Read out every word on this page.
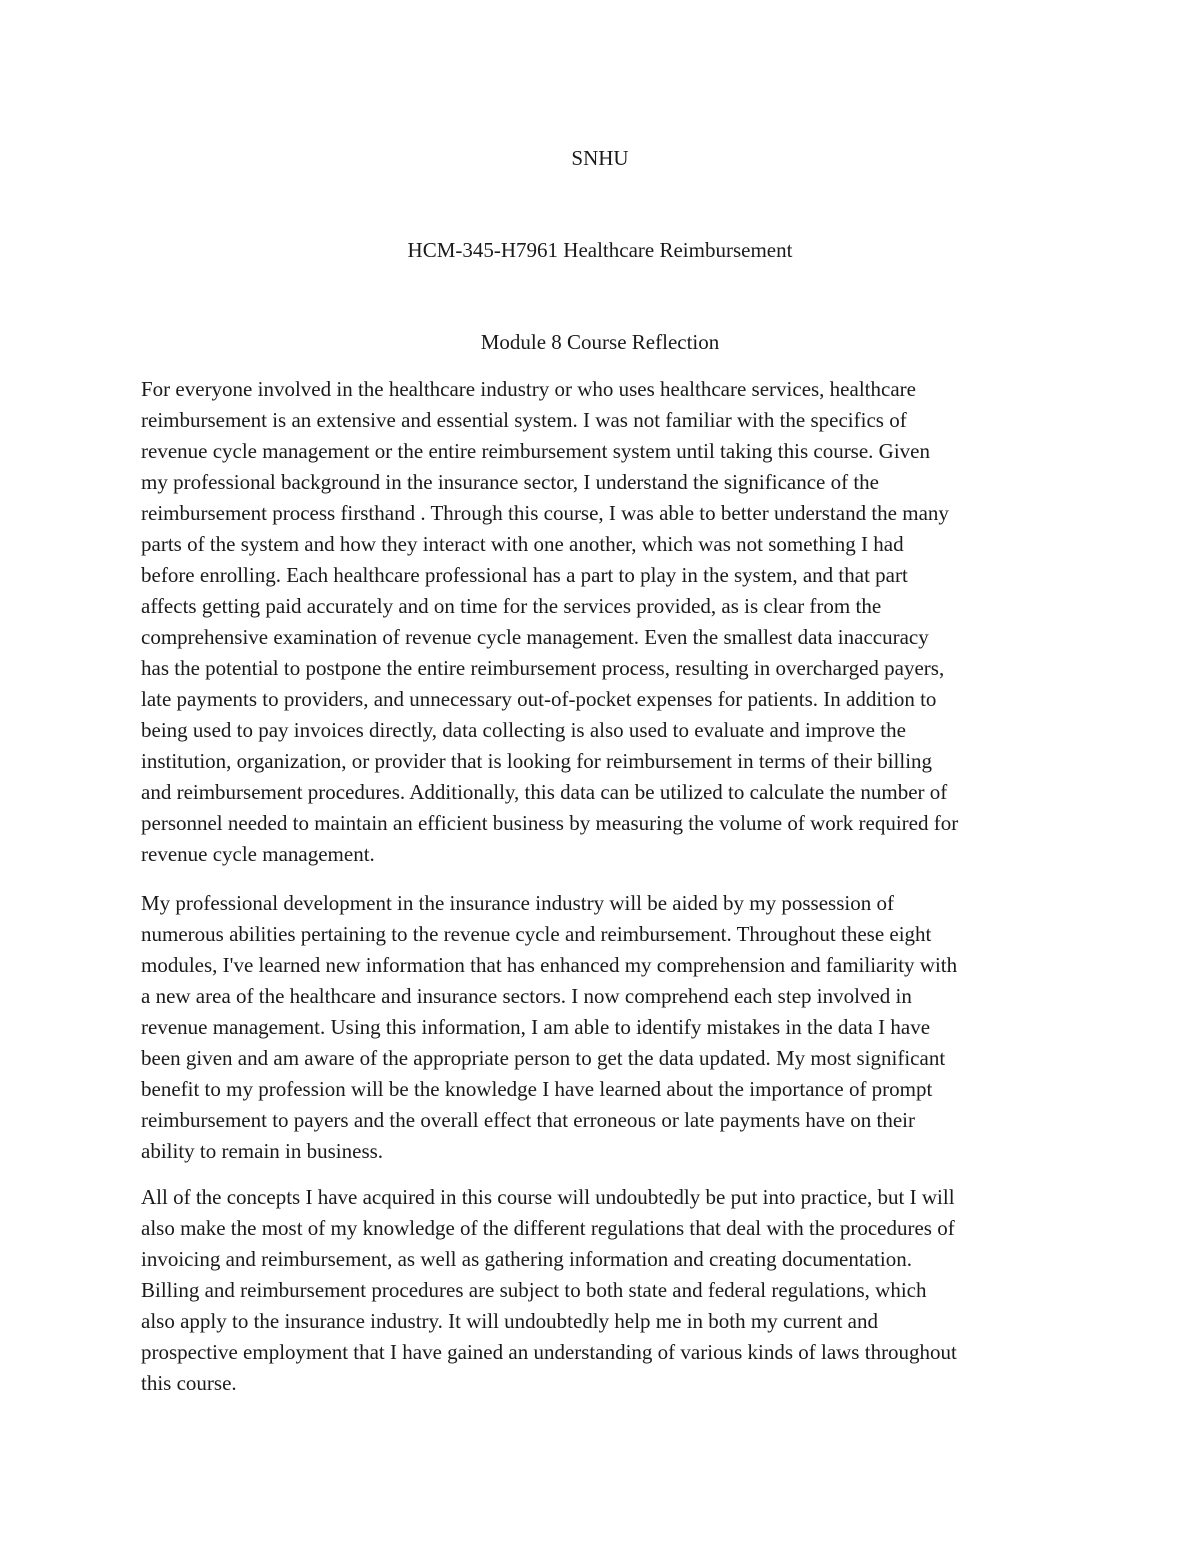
SNHU
HCM-345-H7961 Healthcare Reimbursement
Module 8 Course Reflection

For everyone involved in the healthcare industry or who uses healthcare services, healthcare
reimbursement is an extensive and essential system. I was not familiar with the specifics of
revenue cycle management or the entire reimbursement system until taking this course. Given
my professional background in the insurance sector, I understand the significance of the
reimbursement process firsthand . Through this course, I was able to better understand the many
parts of the system and how they interact with one another, which was not something I had
before enrolling. Each healthcare professional has a part to play in the system, and that part
affects getting paid accurately and on time for the services provided, as is clear from the
comprehensive examination of revenue cycle management. Even the smallest data inaccuracy
has the potential to postpone the entire reimbursement process, resulting in overcharged payers,
late payments to providers, and unnecessary out-of-pocket expenses for patients. In addition to
being used to pay invoices directly, data collecting is also used to evaluate and improve the
institution, organization, or provider that is looking for reimbursement in terms of their billing
and reimbursement procedures. Additionally, this data can be utilized to calculate the number of
personnel needed to maintain an efficient business by measuring the volume of work required for
revenue cycle management.

My professional development in the insurance industry will be aided by my possession of
numerous abilities pertaining to the revenue cycle and reimbursement. Throughout these eight
modules, I've learned new information that has enhanced my comprehension and familiarity with
a new area of the healthcare and insurance sectors. I now comprehend each step involved in
revenue management. Using this information, I am able to identify mistakes in the data I have
been given and am aware of the appropriate person to get the data updated. My most significant
benefit to my profession will be the knowledge I have learned about the importance of prompt
reimbursement to payers and the overall effect that erroneous or late payments have on their
ability to remain in business.

All of the concepts I have acquired in this course will undoubtedly be put into practice, but I will
also make the most of my knowledge of the different regulations that deal with the procedures of
invoicing and reimbursement, as well as gathering information and creating documentation.
Billing and reimbursement procedures are subject to both state and federal regulations, which
also apply to the insurance industry. It will undoubtedly help me in both my current and
prospective employment that I have gained an understanding of various kinds of laws throughout
this course.
